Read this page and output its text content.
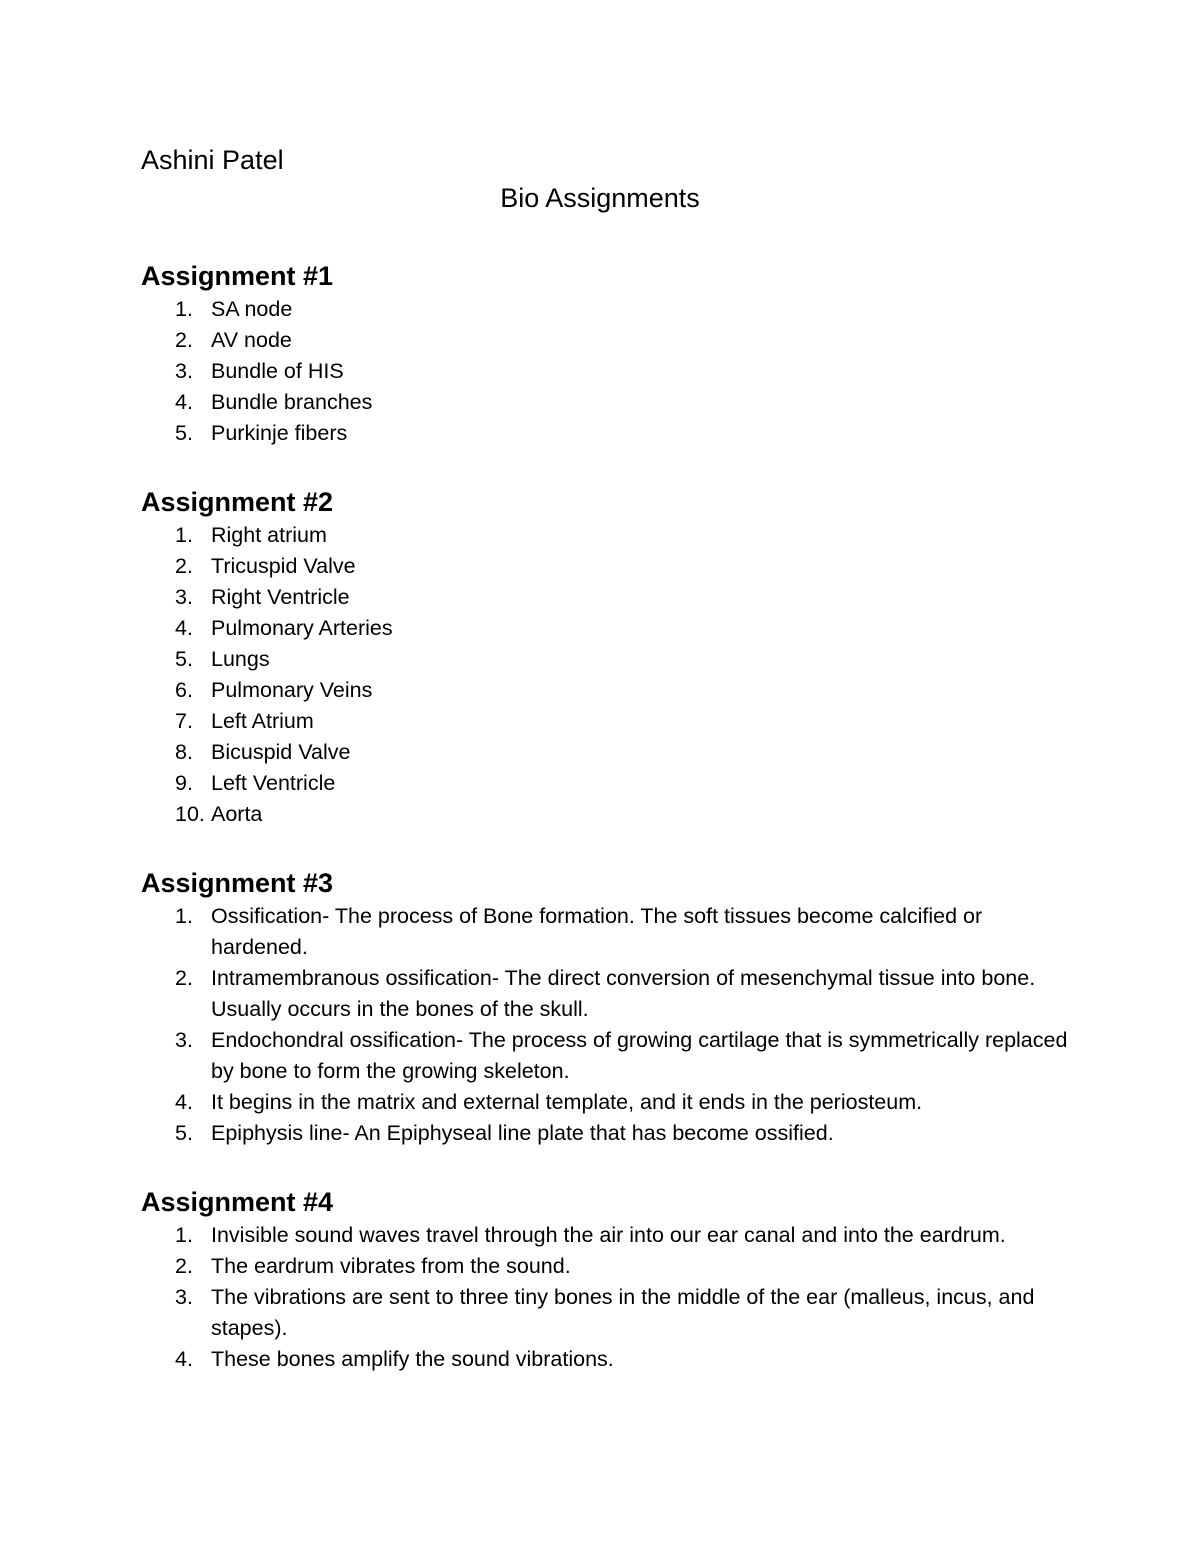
Ashini Patel
Bio Assignments
Assignment #1
1. SA node
2. AV node
3. Bundle of HIS
4. Bundle branches
5. Purkinje fibers
Assignment #2
1. Right atrium
2. Tricuspid Valve
3. Right Ventricle
4. Pulmonary Arteries
5. Lungs
6. Pulmonary Veins
7. Left Atrium
8. Bicuspid Valve
9. Left Ventricle
10. Aorta
Assignment #3
1. Ossification- The process of Bone formation. The soft tissues become calcified or hardened.
2. Intramembranous ossification- The direct conversion of mesenchymal tissue into bone. Usually occurs in the bones of the skull.
3. Endochondral ossification- The process of growing cartilage that is symmetrically replaced by bone to form the growing skeleton.
4. It begins in the matrix and external template, and it ends in the periosteum.
5. Epiphysis line- An Epiphyseal line plate that has become ossified.
Assignment #4
1. Invisible sound waves travel through the air into our ear canal and into the eardrum.
2. The eardrum vibrates from the sound.
3. The vibrations are sent to three tiny bones in the middle of the ear (malleus, incus, and stapes).
4. These bones amplify the sound vibrations.
